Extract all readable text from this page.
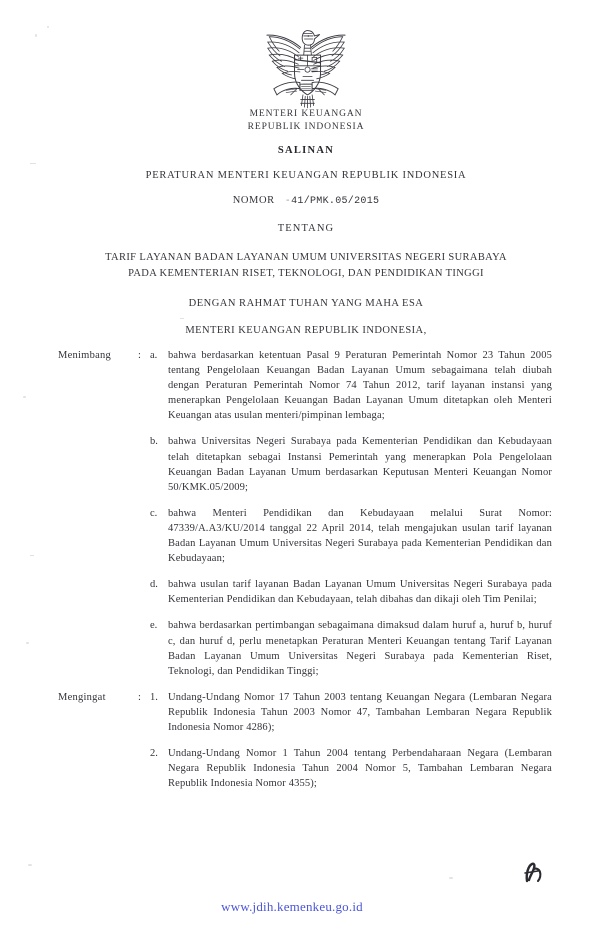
MENTERI KEUANGAN
REPUBLIK INDONESIA
SALINAN
PERATURAN MENTERI KEUANGAN REPUBLIK INDONESIA
NOMOR -41/PMK.05/2015
TENTANG
TARIF LAYANAN BADAN LAYANAN UMUM UNIVERSITAS NEGERI SURABAYA
PADA KEMENTERIAN RISET, TEKNOLOGI, DAN PENDIDIKAN TINGGI
DENGAN RAHMAT TUHAN YANG MAHA ESA
MENTERI KEUANGAN REPUBLIK INDONESIA,
Menimbang	: a.	bahwa berdasarkan ketentuan Pasal 9 Peraturan Pemerintah Nomor 23 Tahun 2005 tentang Pengelolaan Keuangan Badan Layanan Umum sebagaimana telah diubah dengan Peraturan Pemerintah Nomor 74 Tahun 2012, tarif layanan instansi yang menerapkan Pengelolaan Keuangan Badan Layanan Umum ditetapkan oleh Menteri Keuangan atas usulan menteri/pimpinan lembaga;
b. bahwa Universitas Negeri Surabaya pada Kementerian Pendidikan dan Kebudayaan telah ditetapkan sebagai Instansi Pemerintah yang menerapkan Pola Pengelolaan Keuangan Badan Layanan Umum berdasarkan Keputusan Menteri Keuangan Nomor 50/KMK.05/2009;
c.	bahwa Menteri Pendidikan dan Kebudayaan melalui Surat Nomor: 47339/A.A3/KU/2014 tanggal 22 April 2014, telah mengajukan usulan tarif layanan Badan Layanan Umum Universitas Negeri Surabaya pada Kementerian Pendidikan dan Kebudayaan;
d. bahwa usulan tarif layanan Badan Layanan Umum Universitas Negeri Surabaya pada Kementerian Pendidikan dan Kebudayaan, telah dibahas dan dikaji oleh Tim Penilai;
e.	bahwa berdasarkan pertimbangan sebagaimana dimaksud dalam huruf a, huruf b, huruf c, dan huruf d, perlu menetapkan Peraturan Menteri Keuangan tentang Tarif Layanan Badan Layanan Umum Universitas Negeri Surabaya pada Kementerian Riset, Teknologi, dan Pendidikan Tinggi;
Mengingat	: 1. Undang-Undang Nomor 17 Tahun 2003 tentang Keuangan Negara (Lembaran Negara Republik Indonesia Tahun 2003 Nomor 47, Tambahan Lembaran Negara Republik Indonesia Nomor 4286);
2. Undang-Undang Nomor 1 Tahun 2004 tentang Perbendaharaan Negara (Lembaran Negara Republik Indonesia Tahun 2004 Nomor 5, Tambahan Lembaran Negara Republik Indonesia Nomor 4355);
www.jdih.kemenkeu.go.id
